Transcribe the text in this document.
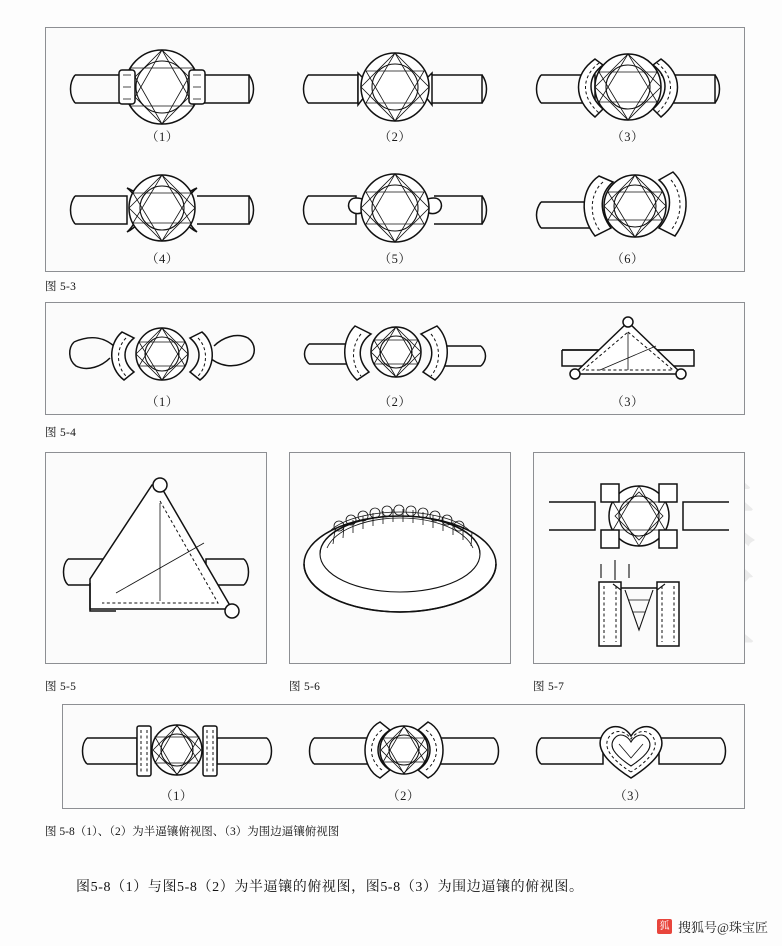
（1）	（2）	（3）
（4）	（5）	（6）
图 5-3
（1）	（2）	（3）
图 5-4
图 5-5	图 5-6	图 5-7
（1）	（2）	（3）
图 5-8（1）、（2）为半逼镶俯视图、（3）为围边逼镶俯视图
图5-8（1）与图5-8（2）为半逼镶的俯视图，图5-8（3）为围边逼镶的俯视图。
狐 搜狐号@珠宝匠
